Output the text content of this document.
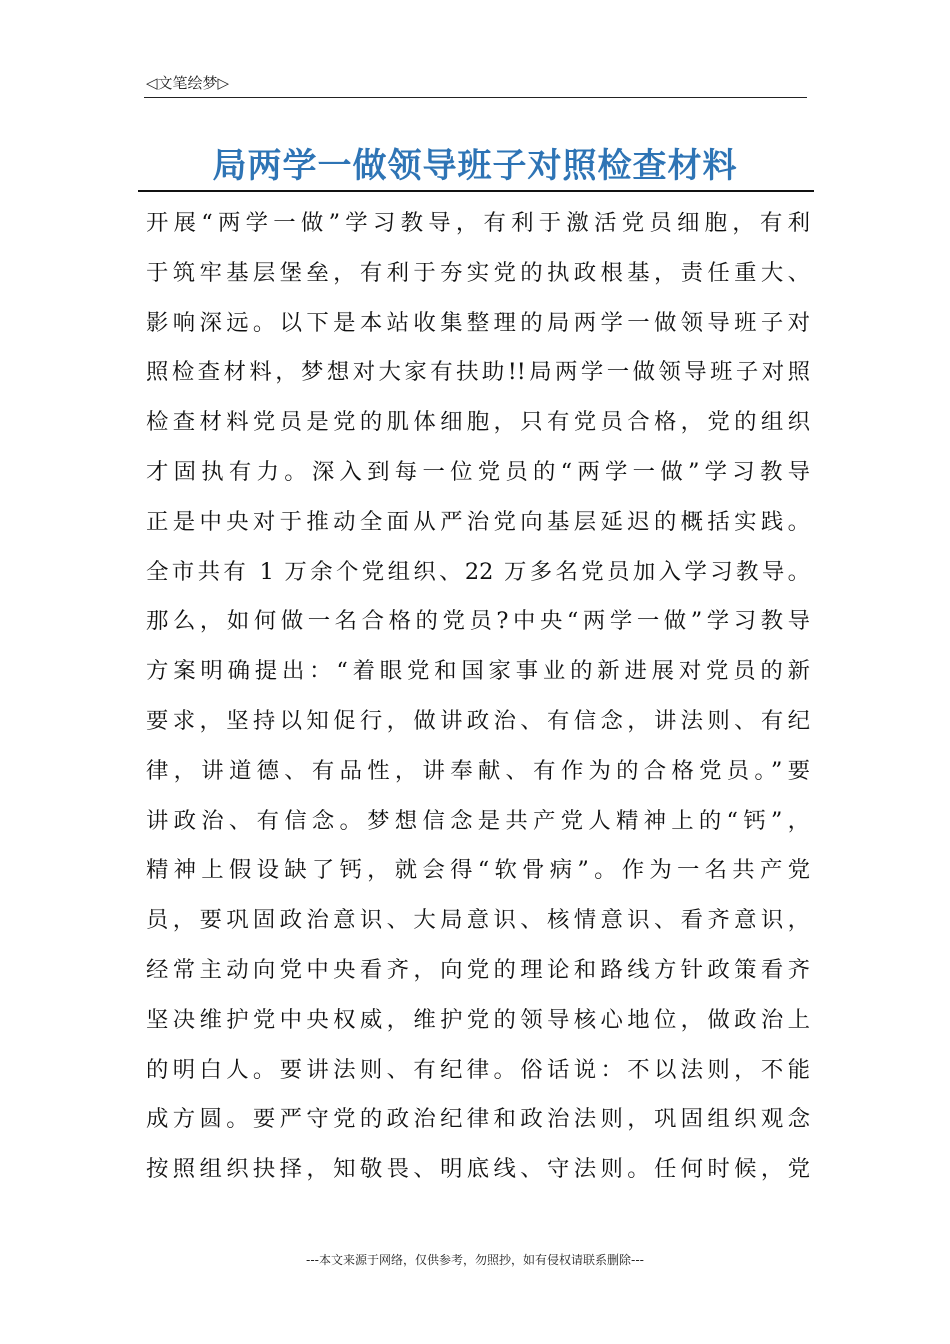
◁文笔绘梦▷
局两学一做领导班子对照检查材料
开展“两学一做”学习教导，有利于激活党员细胞，有利
于筑牢基层堡垒，有利于夯实党的执政根基，责任重大、
影响深远。以下是本站收集整理的局两学一做领导班子对
照检查材料，梦想对大家有扶助!!局两学一做领导班子对照
检查材料党员是党的肌体细胞，只有党员合格，党的组织
才固执有力。深入到每一位党员的“两学一做”学习教导
正是中央对于推动全面从严治党向基层延迟的概括实践。
全市共有 1 万余个党组织、22 万多名党员加入学习教导。
那么，如何做一名合格的党员?中央“两学一做”学习教导
方案明确提出：“着眼党和国家事业的新进展对党员的新
要求，坚持以知促行，做讲政治、有信念，讲法则、有纪
律，讲道德、有品性，讲奉献、有作为的合格党员。”要
讲政治、有信念。梦想信念是共产党人精神上的“钙”，
精神上假设缺了钙，就会得“软骨病”。作为一名共产党
员，要巩固政治意识、大局意识、核情意识、看齐意识，
经常主动向党中央看齐，向党的理论和路线方针政策看齐
坚决维护党中央权威，维护党的领导核心地位，做政治上
的明白人。要讲法则、有纪律。俗话说：不以法则，不能
成方圆。要严守党的政治纪律和政治法则，巩固组织观念
按照组织抉择，知敬畏、明底线、守法则。任何时候，党
---本文来源于网络，仅供参考，勿照抄，如有侵权请联系删除---
